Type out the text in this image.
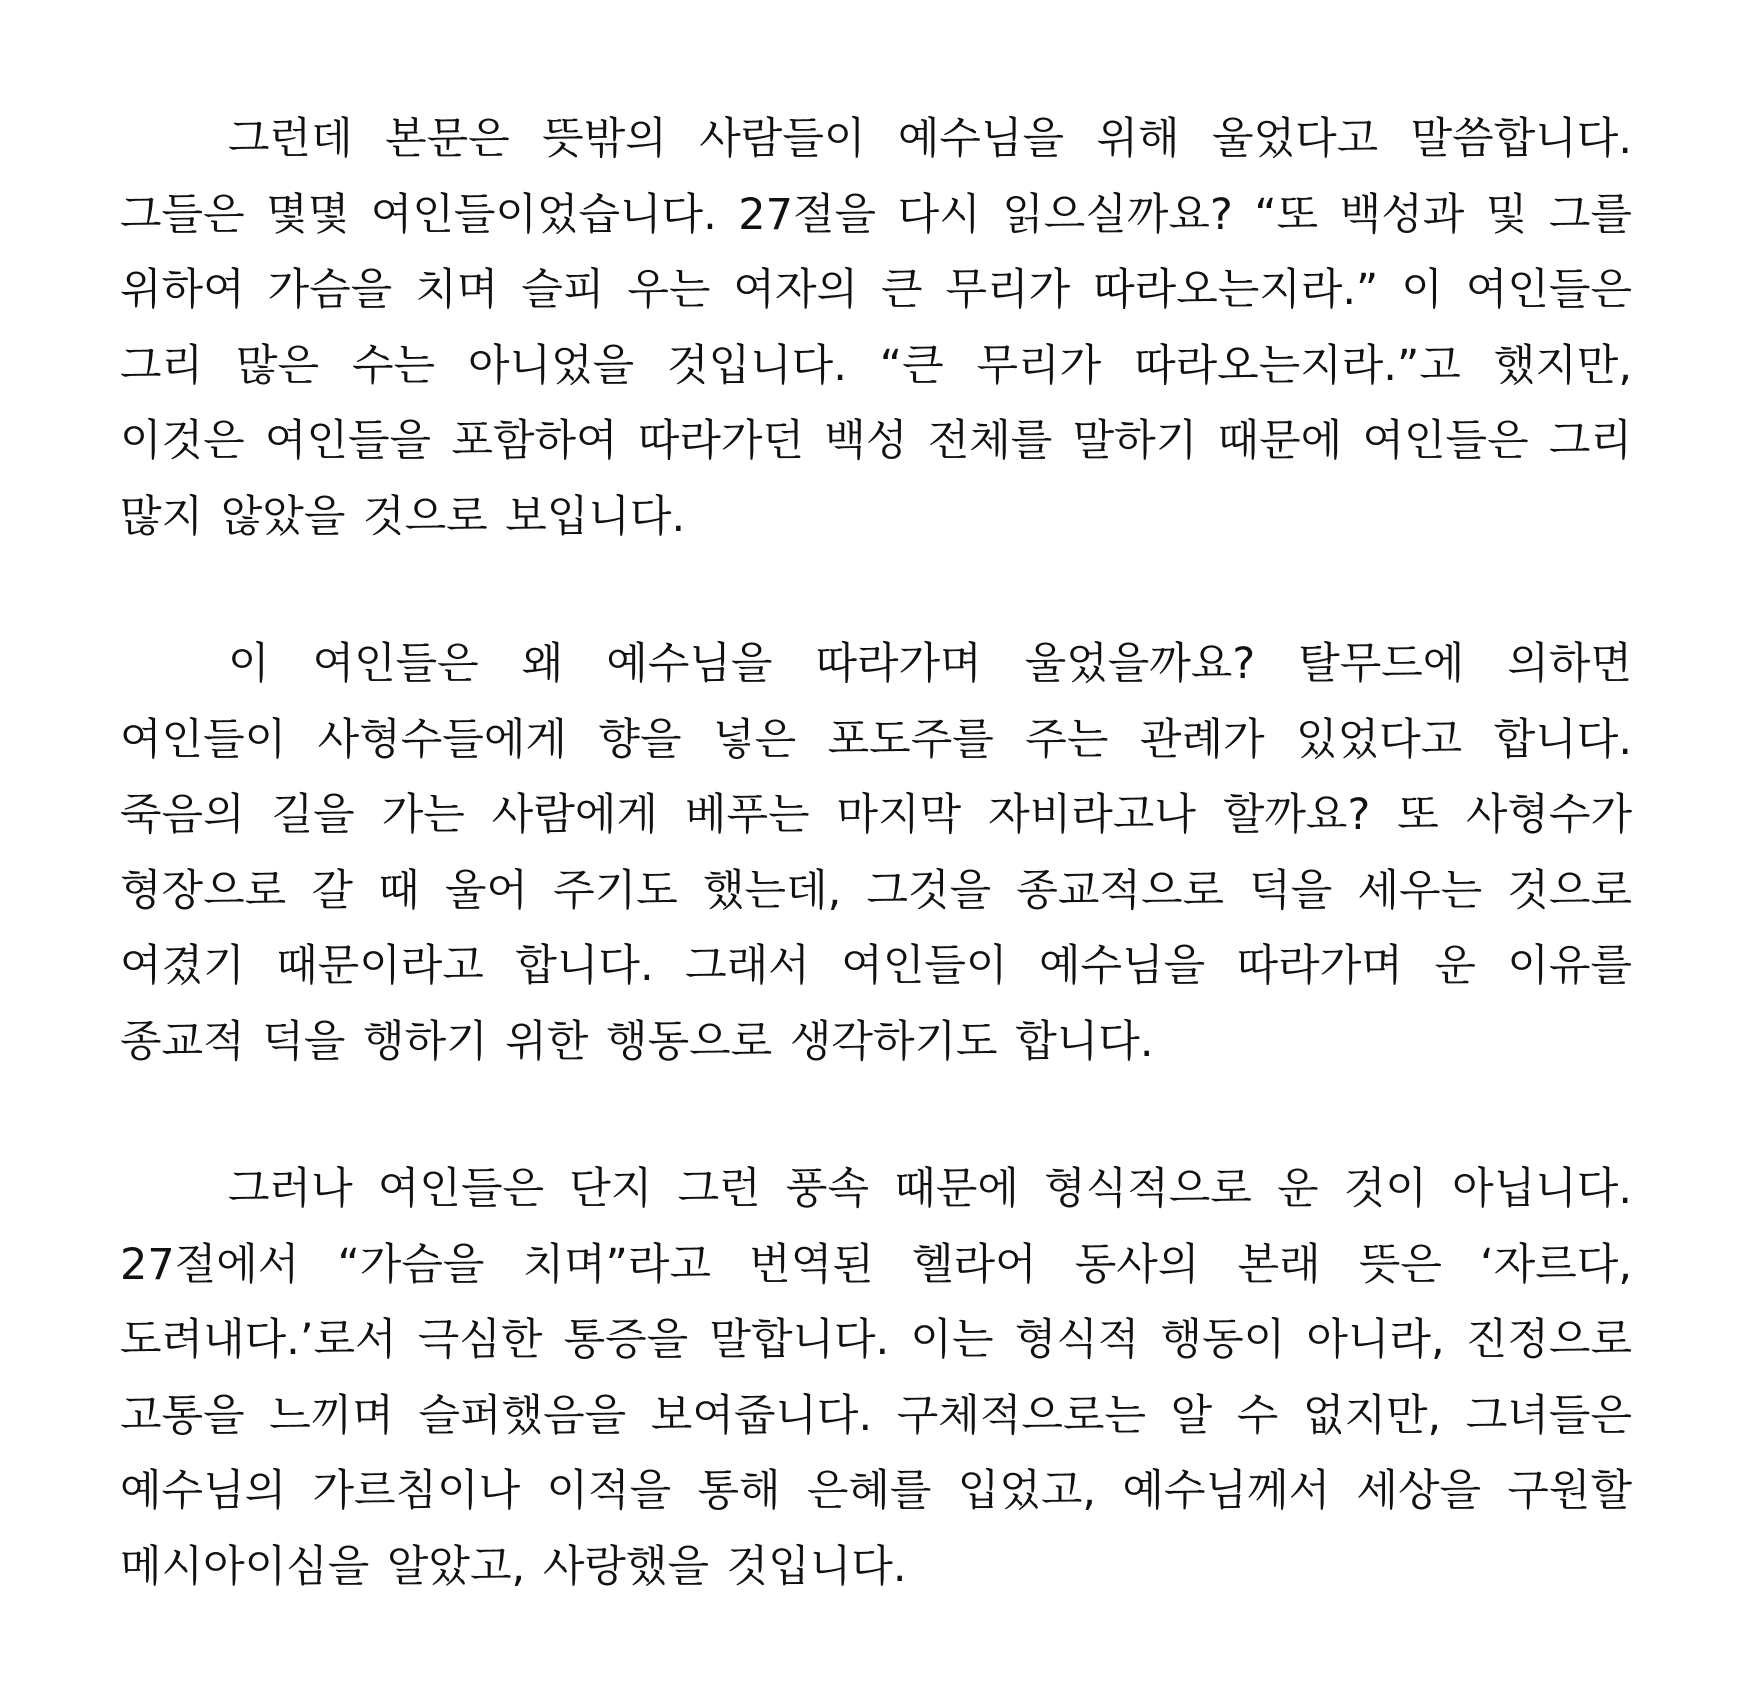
그런데 본문은 뜻밖의 사람들이 예수님을 위해 울었다고 말씀합니다. 그들은 몇몇 여인들이었습니다. 27절을 다시 읽으실까요? “또 백성과 및 그를 위하여 가슴을 치며 슬피 우는 여자의 큰 무리가 따라오는지라.” 이 여인들은 그리 많은 수는 아니었을 것입니다. “큰 무리가 따라오는지라.”고 했지만, 이것은 여인들을 포함하여 따라가던 백성 전체를 말하기 때문에 여인들은 그리 많지 않았을 것으로 보입니다.

이 여인들은 왜 예수님을 따라가며 울었을까요? 탈무드에 의하면 여인들이 사형수들에게 향을 넣은 포도주를 주는 관례가 있었다고 합니다. 죽음의 길을 가는 사람에게 베푸는 마지막 자비라고나 할까요? 또 사형수가 형장으로 갈 때 울어 주기도 했는데, 그것을 종교적으로 덕을 세우는 것으로 여겼기 때문이라고 합니다. 그래서 여인들이 예수님을 따라가며 운 이유를 종교적 덕을 행하기 위한 행동으로 생각하기도 합니다.

그러나 여인들은 단지 그런 풍속 때문에 형식적으로 운 것이 아닙니다. 27절에서 “가슴을 치며”라고 번역된 헬라어 동사의 본래 뜻은 ‘자르다, 도려내다.’로서 극심한 통증을 말합니다. 이는 형식적 행동이 아니라, 진정으로 고통을 느끼며 슬퍼했음을 보여줍니다. 구체적으로는 알 수 없지만, 그녀들은 예수님의 가르침이나 이적을 통해 은혜를 입었고, 예수님께서 세상을 구원할 메시아이심을 알았고, 사랑했을 것입니다.
